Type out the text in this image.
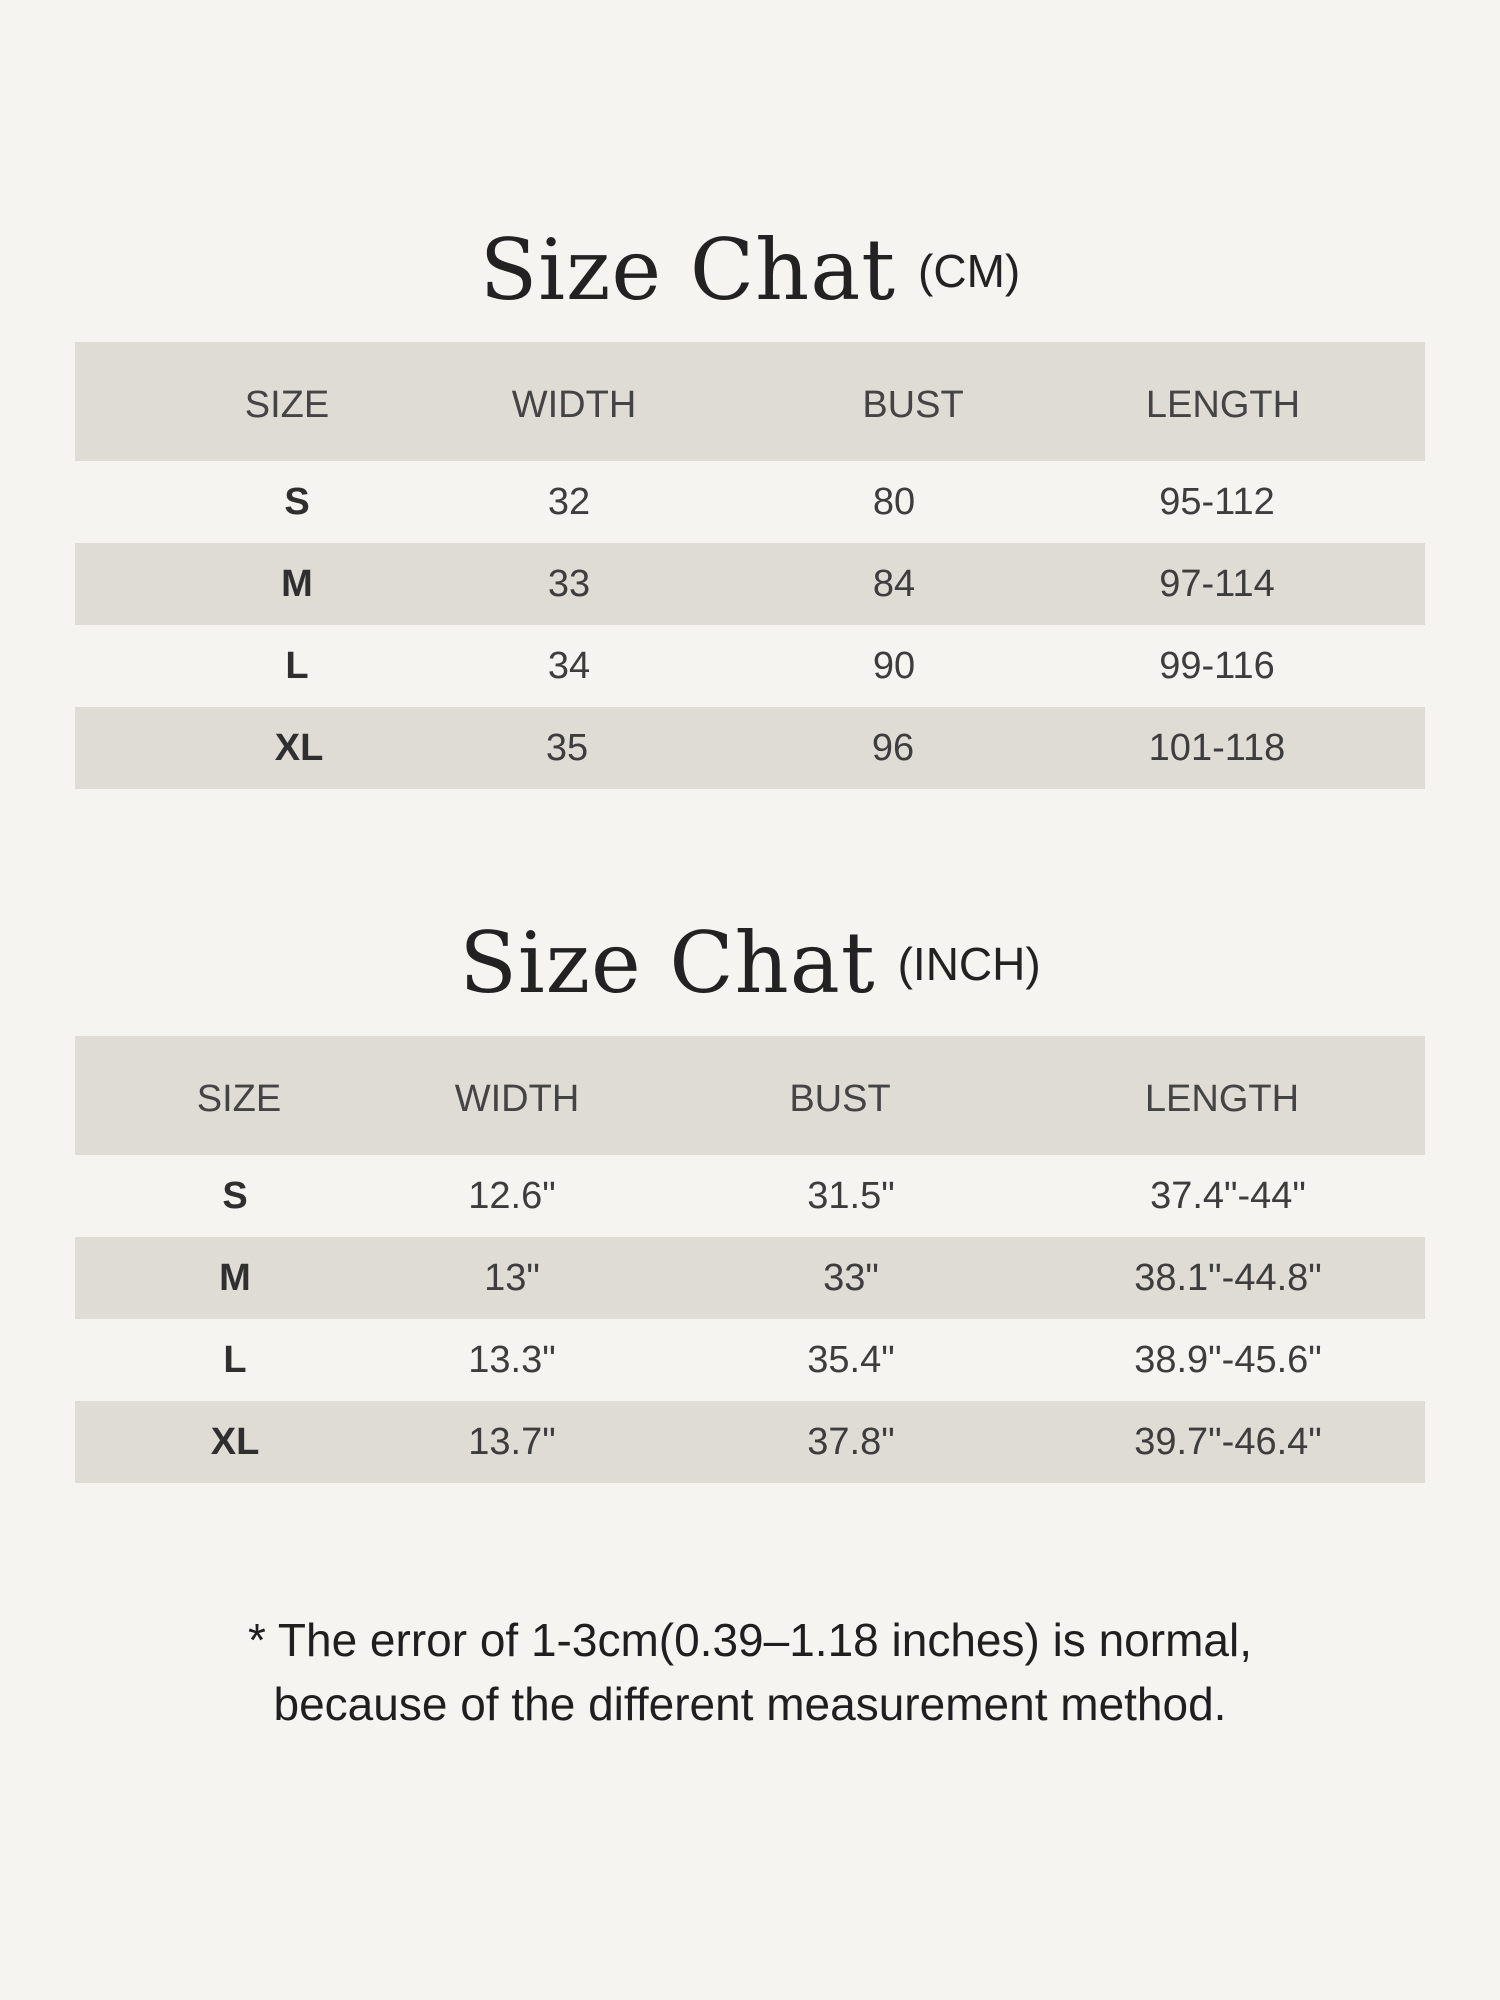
Size Chat (CM)
SIZE	WIDTH	BUST	LENGTH
S	32	80	95-112
M	33	84	97-114
L	34	90	99-116
XL	35	96	101-118
Size Chat (INCH)
SIZE	WIDTH	BUST	LENGTH
S	12.6"	31.5"	37.4"-44"
M	13"	33"	38.1"-44.8"
L	13.3"	35.4"	38.9"-45.6"
XL	13.7"	37.8"	39.7"-46.4"
* The error of 1-3cm(0.39–1.18 inches) is normal,
because of the different measurement method.
